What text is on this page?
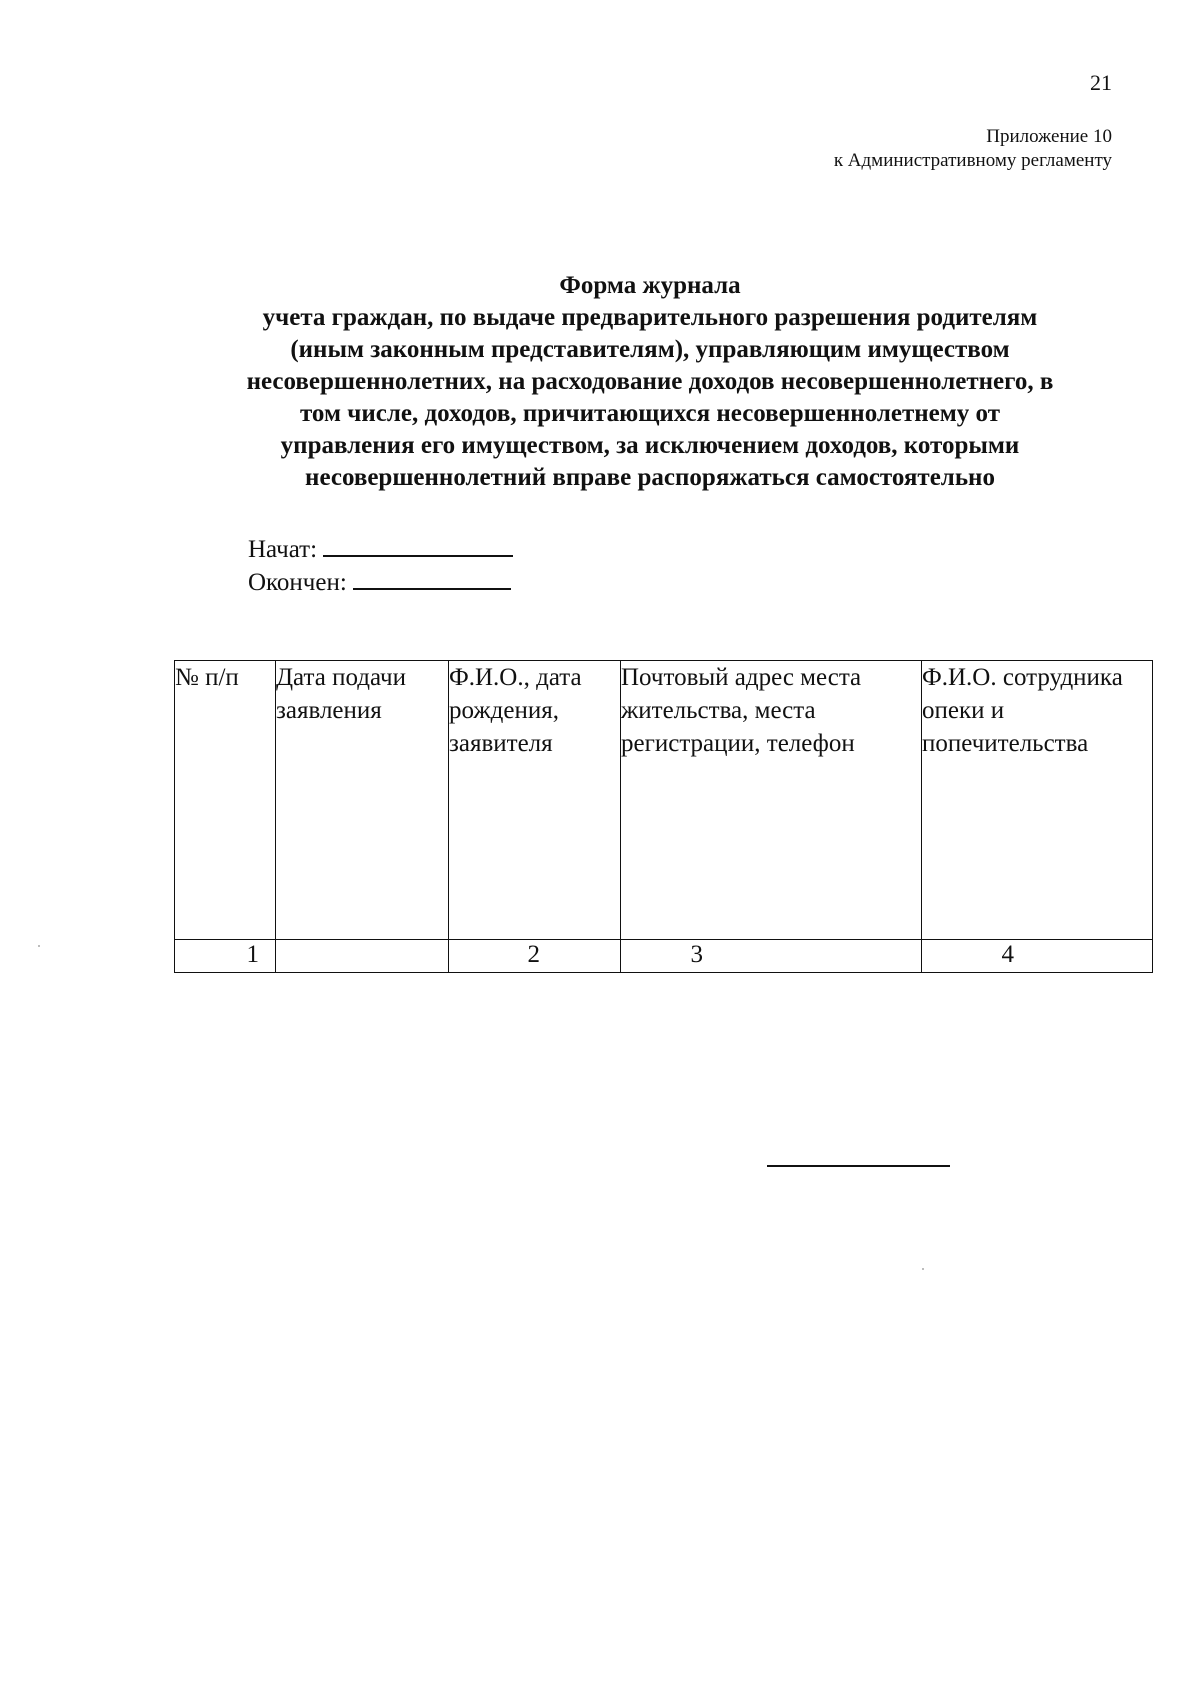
21
Приложение 10
к Административному регламенту
Форма журнала
учета граждан, по выдаче предварительного разрешения родителям
(иным законным представителям), управляющим имуществом
несовершеннолетних, на расходование доходов несовершеннолетнего, в
том числе, доходов, причитающихся несовершеннолетнему от
управления его имуществом, за исключением доходов, которыми
несовершеннолетний вправе распоряжаться самостоятельно
Начат:
Окончен:
№ п/п	Дата подачи заявления	Ф.И.О., дата рождения, заявителя	Почтовый адрес места жительства, места регистрации, телефон	Ф.И.О. сотрудника опеки и попечительства

1		2	3	4
